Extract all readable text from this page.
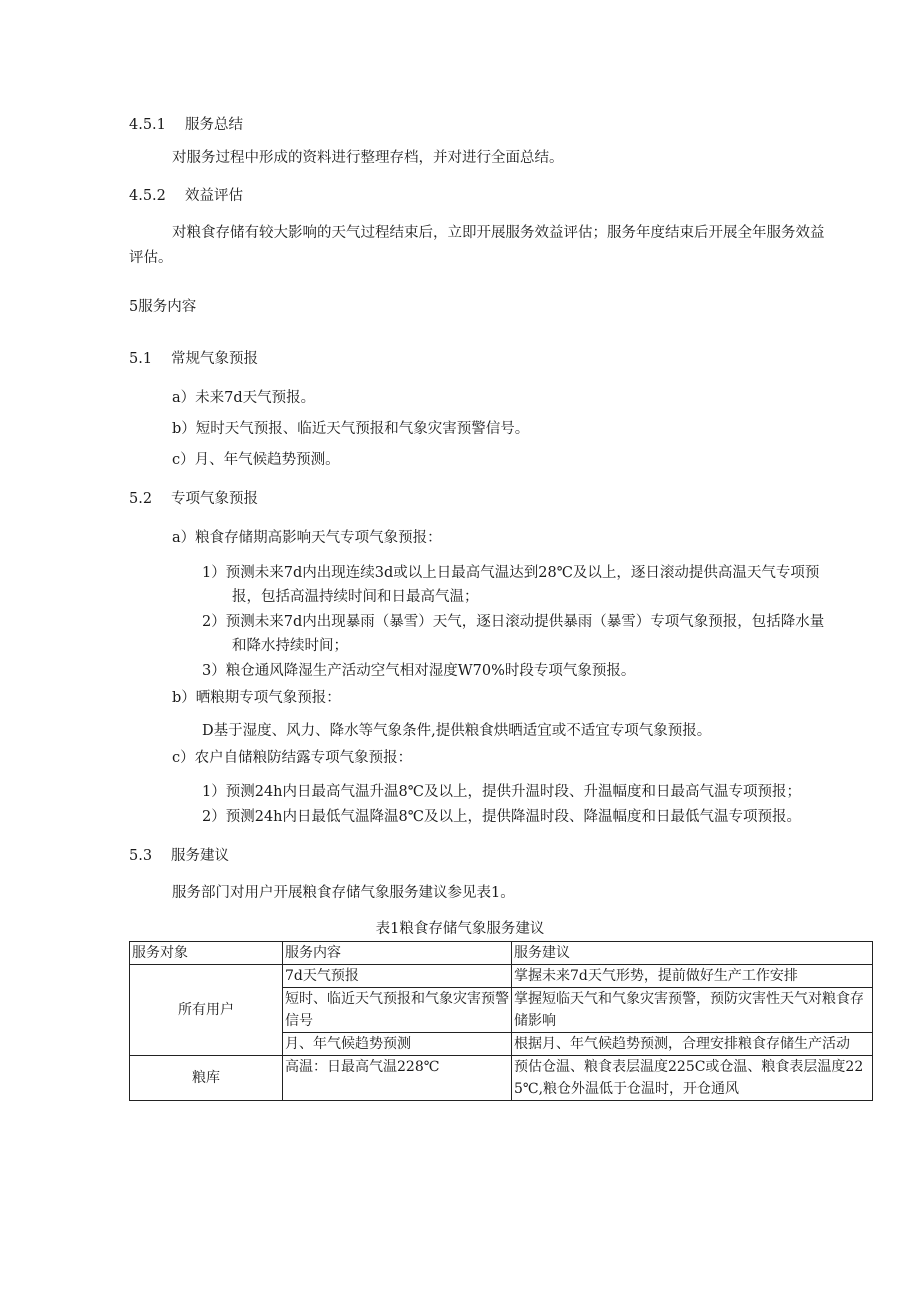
4.5.1 服务总结
对服务过程中形成的资料进行整理存档，并对进行全面总结。
4.5.2 效益评估
对粮食存储有较大影响的天气过程结束后，立即开展服务效益评估；服务年度结束后开展全年服务效益
评估。
5服务内容
5.1 常规气象预报
a）未来7d天气预报。
b）短时天气预报、临近天气预报和气象灾害预警信号。
c）月、年气候趋势预测。
5.2 专项气象预报
a）粮食存储期高影响天气专项气象预报：
1）预测未来7d内出现连续3d或以上日最高气温达到28℃及以上，逐日滚动提供高温天气专项预
报，包括高温持续时间和日最高气温；
2）预测未来7d内出现暴雨（暴雪）天气，逐日滚动提供暴雨（暴雪）专项气象预报，包括降水量
和降水持续时间；
3）粮仓通风降湿生产活动空气相对湿度W70%时段专项气象预报。
b）晒粮期专项气象预报：
D基于湿度、风力、降水等气象条件,提供粮食烘晒适宜或不适宜专项气象预报。
c）农户自储粮防结露专项气象预报：
1）预测24h内日最高气温升温8℃及以上，提供升温时段、升温幅度和日最高气温专项预报；
2）预测24h内日最低气温降温8℃及以上，提供降温时段、降温幅度和日最低气温专项预报。
5.3 服务建议
服务部门对用户开展粮食存储气象服务建议参见表1。
表1粮食存储气象服务建议
服务对象	服务内容	服务建议
所有用户	7d天气预报	掌握未来7d天气形势，提前做好生产工作安排
	短时、临近天气预报和气象灾害预警信号	掌握短临天气和气象灾害预警，预防灾害性天气对粮食存储影响
	月、年气候趋势预测	根据月、年气候趋势预测，合理安排粮食存储生产活动
粮库	高温：日最高气温228℃	预估仓温、粮食表层温度225C或仓温、粮食表层温度225℃,粮仓外温低于仓温时，开仓通风
